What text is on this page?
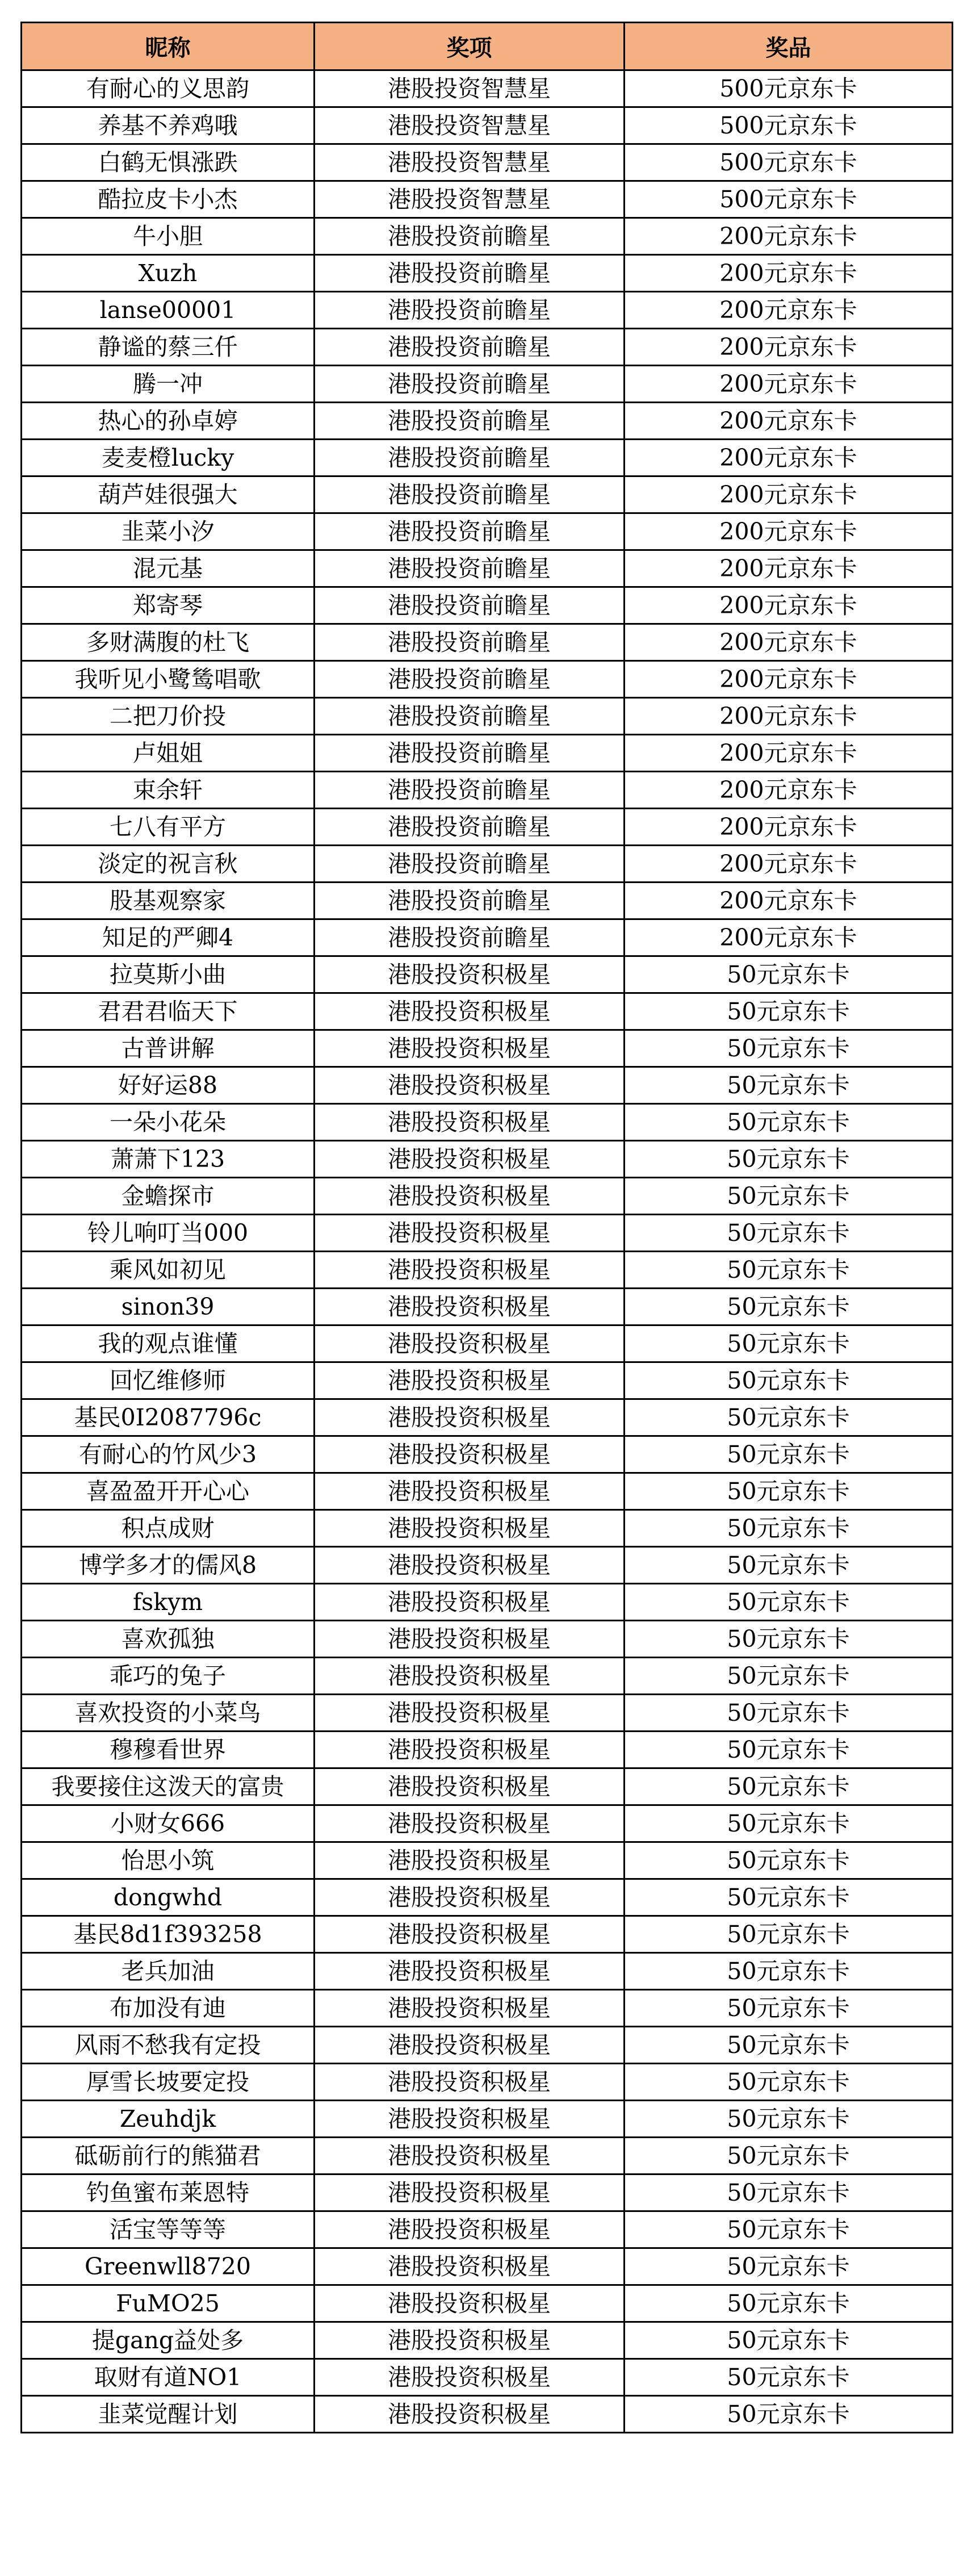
昵称	奖项	奖品
有耐心的义思韵	港股投资智慧星	500元京东卡
养基不养鸡哦	港股投资智慧星	500元京东卡
白鹤无惧涨跌	港股投资智慧星	500元京东卡
酷拉皮卡小杰	港股投资智慧星	500元京东卡
牛小胆	港股投资前瞻星	200元京东卡
Xuzh	港股投资前瞻星	200元京东卡
lanse00001	港股投资前瞻星	200元京东卡
静谧的蔡三仟	港股投资前瞻星	200元京东卡
腾一冲	港股投资前瞻星	200元京东卡
热心的孙卓婷	港股投资前瞻星	200元京东卡
麦麦橙lucky	港股投资前瞻星	200元京东卡
葫芦娃很强大	港股投资前瞻星	200元京东卡
韭菜小汐	港股投资前瞻星	200元京东卡
混元基	港股投资前瞻星	200元京东卡
郑寄琴	港股投资前瞻星	200元京东卡
多财满腹的杜飞	港股投资前瞻星	200元京东卡
我听见小鹭鸶唱歌	港股投资前瞻星	200元京东卡
二把刀价投	港股投资前瞻星	200元京东卡
卢姐姐	港股投资前瞻星	200元京东卡
束余轩	港股投资前瞻星	200元京东卡
七八有平方	港股投资前瞻星	200元京东卡
淡定的祝言秋	港股投资前瞻星	200元京东卡
股基观察家	港股投资前瞻星	200元京东卡
知足的严卿4	港股投资前瞻星	200元京东卡
拉莫斯小曲	港股投资积极星	50元京东卡
君君君临天下	港股投资积极星	50元京东卡
古普讲解	港股投资积极星	50元京东卡
好好运88	港股投资积极星	50元京东卡
一朵小花朵	港股投资积极星	50元京东卡
萧萧下123	港股投资积极星	50元京东卡
金蟾探市	港股投资积极星	50元京东卡
铃儿响叮当000	港股投资积极星	50元京东卡
乘风如初见	港股投资积极星	50元京东卡
sinon39	港股投资积极星	50元京东卡
我的观点谁懂	港股投资积极星	50元京东卡
回忆维修师	港股投资积极星	50元京东卡
基民0I2087796c	港股投资积极星	50元京东卡
有耐心的竹风少3	港股投资积极星	50元京东卡
喜盈盈开开心心	港股投资积极星	50元京东卡
积点成财	港股投资积极星	50元京东卡
博学多才的儒风8	港股投资积极星	50元京东卡
fskym	港股投资积极星	50元京东卡
喜欢孤独	港股投资积极星	50元京东卡
乖巧的兔子	港股投资积极星	50元京东卡
喜欢投资的小菜鸟	港股投资积极星	50元京东卡
穆穆看世界	港股投资积极星	50元京东卡
我要接住这泼天的富贵	港股投资积极星	50元京东卡
小财女666	港股投资积极星	50元京东卡
怡思小筑	港股投资积极星	50元京东卡
dongwhd	港股投资积极星	50元京东卡
基民8d1f393258	港股投资积极星	50元京东卡
老兵加油	港股投资积极星	50元京东卡
布加没有迪	港股投资积极星	50元京东卡
风雨不愁我有定投	港股投资积极星	50元京东卡
厚雪长坡要定投	港股投资积极星	50元京东卡
Zeuhdjk	港股投资积极星	50元京东卡
砥砺前行的熊猫君	港股投资积极星	50元京东卡
钓鱼蜜布莱恩特	港股投资积极星	50元京东卡
活宝等等等	港股投资积极星	50元京东卡
Greenwll8720	港股投资积极星	50元京东卡
FuMO25	港股投资积极星	50元京东卡
提gang益处多	港股投资积极星	50元京东卡
取财有道NO1	港股投资积极星	50元京东卡
韭菜觉醒计划	港股投资积极星	50元京东卡
